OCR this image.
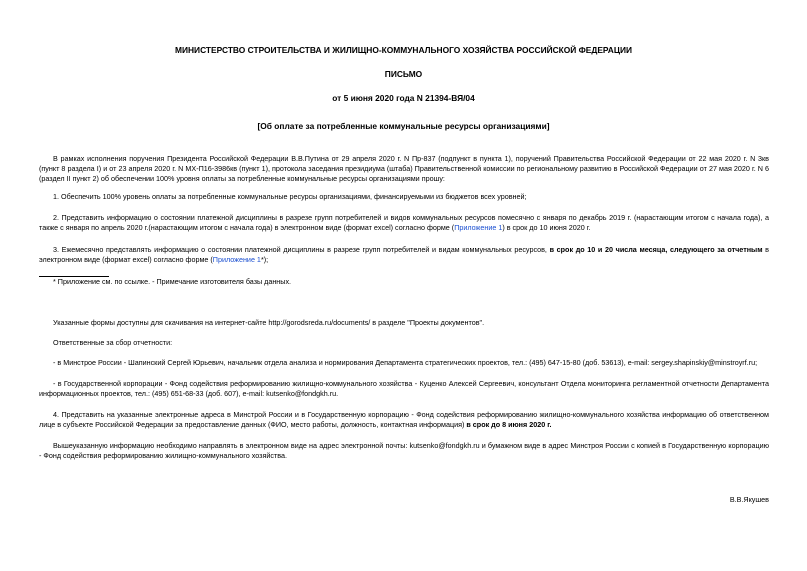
МИНИСТЕРСТВО СТРОИТЕЛЬСТВА И ЖИЛИЩНО-КОММУНАЛЬНОГО ХОЗЯЙСТВА РОССИЙСКОЙ ФЕДЕРАЦИИ
ПИСЬМО
от 5 июня 2020 года N 21394-ВЯ/04
[Об оплате за потребленные коммунальные ресурсы организациями]
В рамках исполнения поручения Президента Российской Федерации В.В.Путина от 29 апреля 2020 г. N Пр-837 (подпункт в пункта 1), поручений Правительства Российской Федерации от 22 мая 2020 г. N 3кв (пункт 8 раздела I) и от 23 апреля 2020 г. N МХ-П16-3986кв (пункт 1), протокола заседания президиума (штаба) Правительственной комиссии по региональному развитию в Российской Федерации от 27 мая 2020 г. N 6 (раздел II пункт 2) об обеспечении 100% уровня оплаты за потребленные коммунальные ресурсы организациями прошу:
1. Обеспечить 100% уровень оплаты за потребленные коммунальные ресурсы организациями, финансируемыми из бюджетов всех уровней;
2. Представить информацию о состоянии платежной дисциплины в разрезе групп потребителей и видов коммунальных ресурсов помесячно с января по декабрь 2019 г. (нарастающим итогом с начала года), а также с января по апрель 2020 г.(нарастающим итогом с начала года) в электронном виде (формат excel) согласно форме (Приложение 1) в срок до 10 июня 2020 г.
3. Ежемесячно представлять информацию о состоянии платежной дисциплины в разрезе групп потребителей и видам коммунальных ресурсов, в срок до 10 и 20 числа месяца, следующего за отчетным в электронном виде (формат excel) согласно форме (Приложение 1*);
* Приложение см. по ссылке. - Примечание изготовителя базы данных.
Указанные формы доступны для скачивания на интернет-сайте http://gorodsreda.ru/documents/ в разделе "Проекты документов".
Ответственные за сбор отчетности:
- в Минстрое России - Шапинский Сергей Юрьевич, начальник отдела анализа и нормирования Департамента стратегических проектов, тел.: (495) 647-15-80 (доб. 53613), e-mail: sergey.shapinskiy@minstroyrf.ru;
- в Государственной корпорации - Фонд содействия реформированию жилищно-коммунального хозяйства - Куценко Алексей Сергеевич, консультант Отдела мониторинга регламентной отчетности Департамента информационных проектов, тел.: (495) 651-68-33 (доб. 607), e-mail: kutsenko@fondgkh.ru.
4. Представить на указанные электронные адреса в Минстрой России и в Государственную корпорацию - Фонд содействия реформированию жилищно-коммунального хозяйства информацию об ответственном лице в субъекте Российской Федерации за предоставление данных (ФИО, место работы, должность, контактная информация) в срок до 8 июня 2020 г.
Вышеуказанную информацию необходимо направлять в электронном виде на адрес электронной почты: kutsenko@fondgkh.ru и бумажном виде в адрес Минстроя России с копией в Государственную корпорацию - Фонд содействия реформированию жилищно-коммунального хозяйства.
В.В.Якушев
